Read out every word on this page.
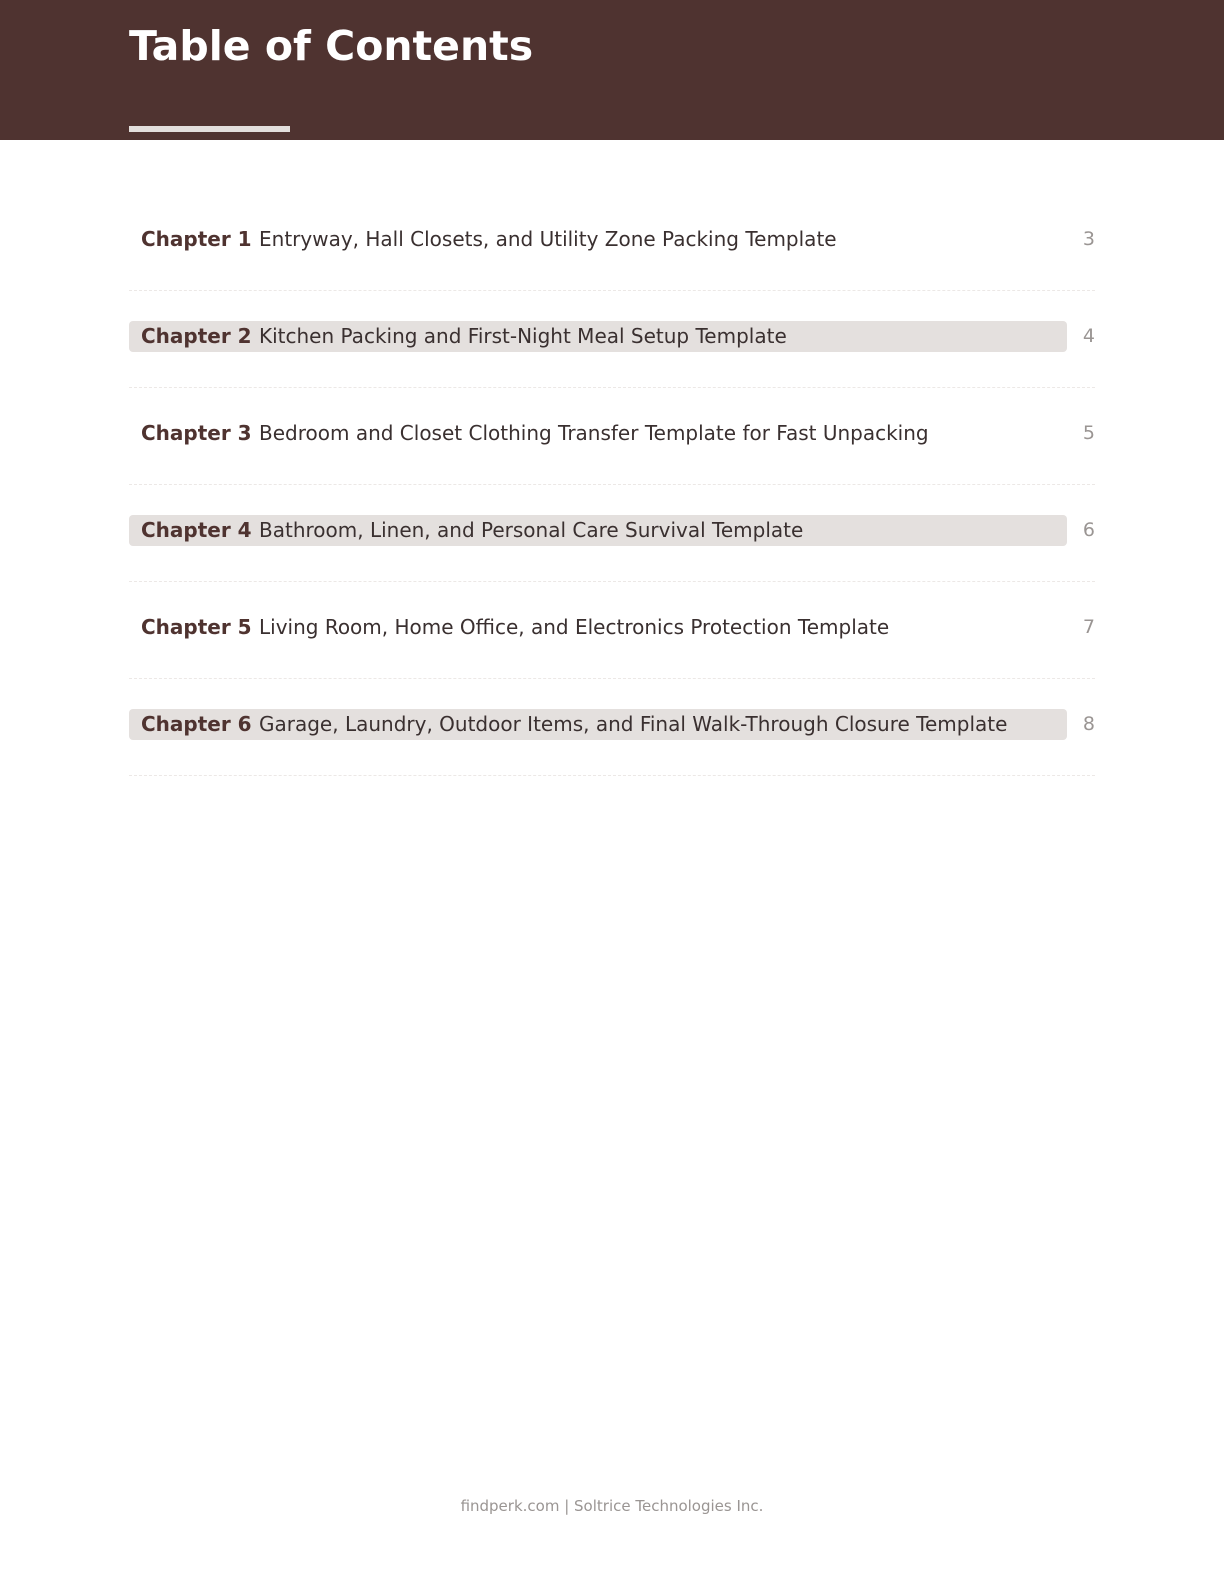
Table of Contents
Chapter 1 Entryway, Hall Closets, and Utility Zone Packing Template	3
Chapter 2 Kitchen Packing and First-Night Meal Setup Template	4
Chapter 3 Bedroom and Closet Clothing Transfer Template for Fast Unpacking	5
Chapter 4 Bathroom, Linen, and Personal Care Survival Template	6
Chapter 5 Living Room, Home Office, and Electronics Protection Template	7
Chapter 6 Garage, Laundry, Outdoor Items, and Final Walk-Through Closure Template	8
findperk.com | Soltrice Technologies Inc.
